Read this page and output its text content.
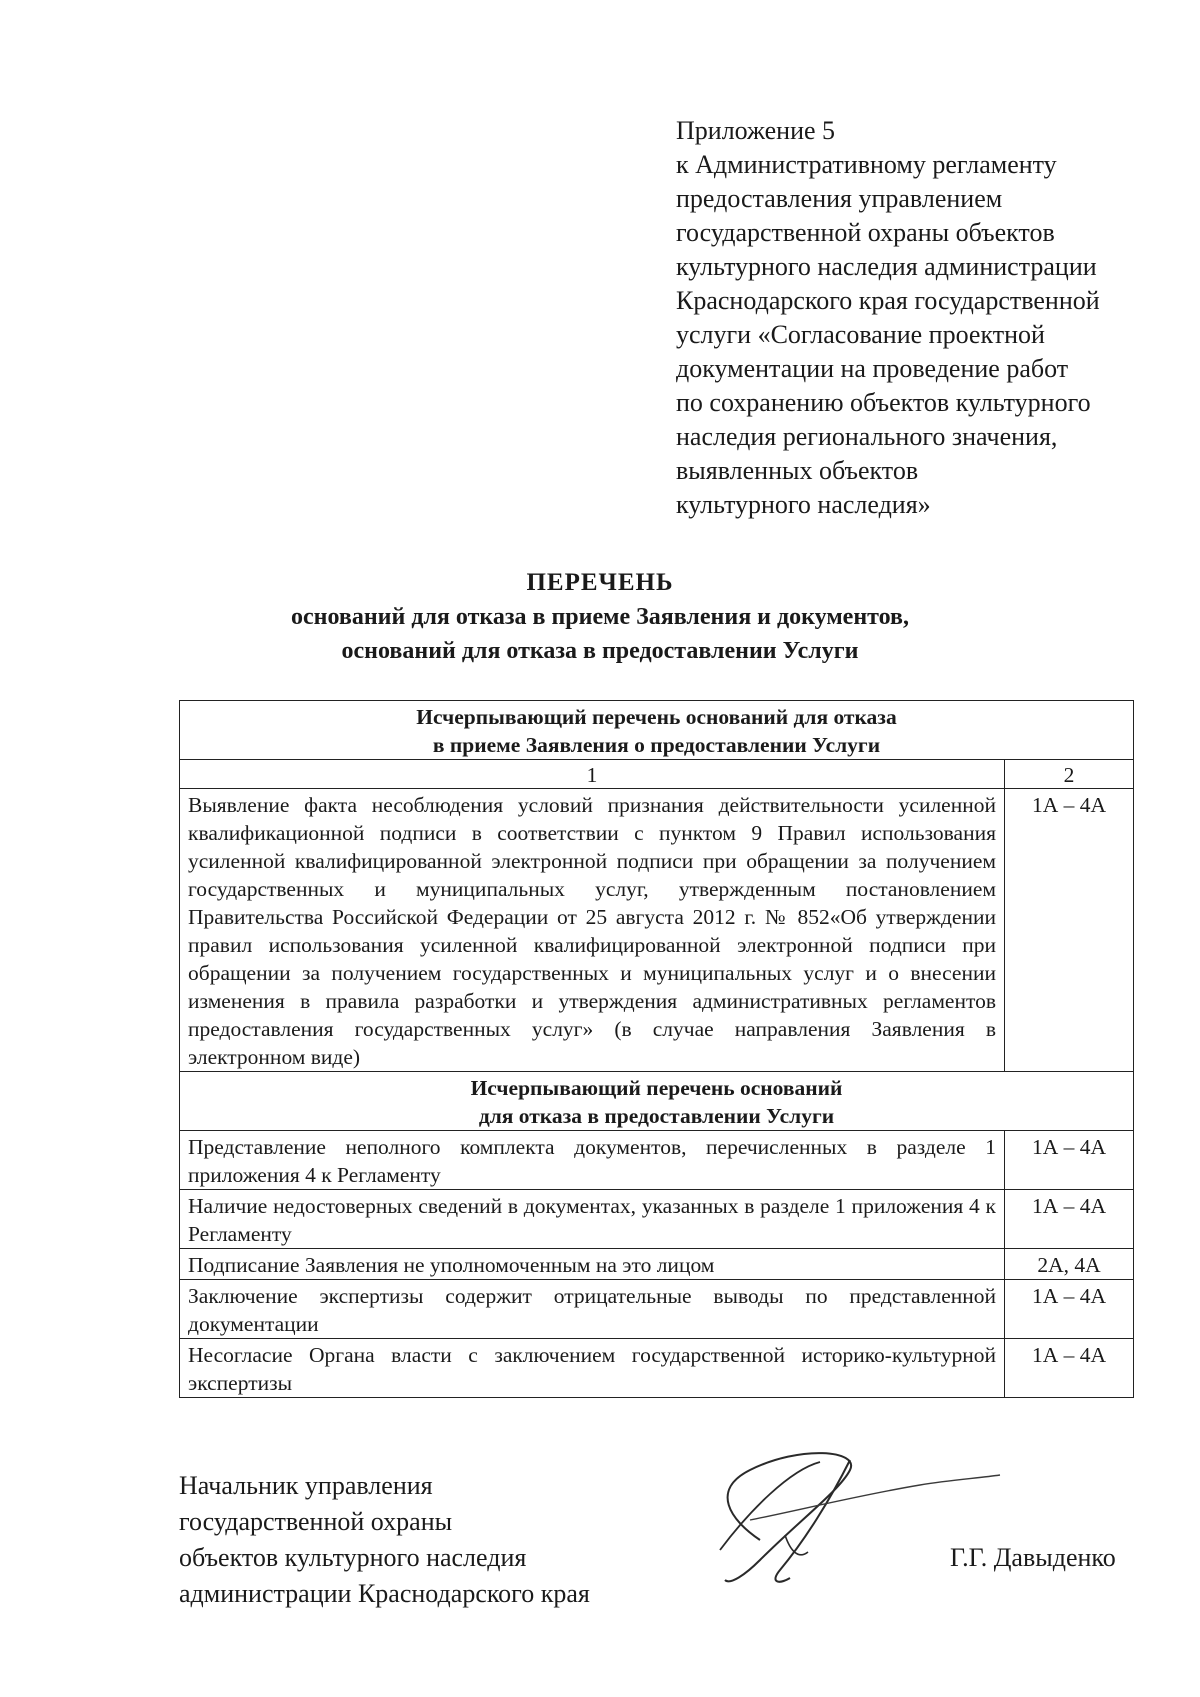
Приложение 5
к Административному регламенту
предоставления управлением
государственной охраны объектов
культурного наследия администрации
Краснодарского края государственной
услуги «Согласование проектной
документации на проведение работ
по сохранению объектов культурного
наследия регионального значения,
выявленных объектов
культурного наследия»
ПЕРЕЧЕНЬ
оснований для отказа в приеме Заявления и документов,
оснований для отказа в предоставлении Услуги
Исчерпывающий перечень оснований для отказа
в приеме Заявления о предоставлении Услуги	

1	2
Выявление факта несоблюдения условий признания действительности усиленной квалификационной подписи в соответствии с пунктом 9 Правил использования усиленной квалифицированной электронной подписи при обращении за получением государственных и муниципальных услуг, утвержденным постановлением Правительства Российской Федерации от 25 августа 2012 г. № 852«Об утверждении правил использования усиленной квалифицированной электронной подписи при обращении за получением государственных и муниципальных услуг и о внесении изменения в правила разработки и утверждения административных регламентов предоставления государственных услуг» (в случае направления Заявления в электронном виде)	1А – 4А

Исчерпывающий перечень оснований
для отказа в предоставлении Услуги	

Представление неполного комплекта документов, перечисленных в разделе 1 приложения 4 к Регламенту	1А – 4А
Наличие недостоверных сведений в документах, указанных в разделе 1 приложения 4 к Регламенту	1А – 4А
Подписание Заявления не уполномоченным на это лицом	2А, 4А
Заключение экспертизы содержит отрицательные выводы по представленной документации	1А – 4А
Несогласие Органа власти с заключением государственной историко-культурной экспертизы	1А – 4А
Начальник управления
государственной охраны
объектов культурного наследия
администрации Краснодарского края
Г.Г. Давыденко
